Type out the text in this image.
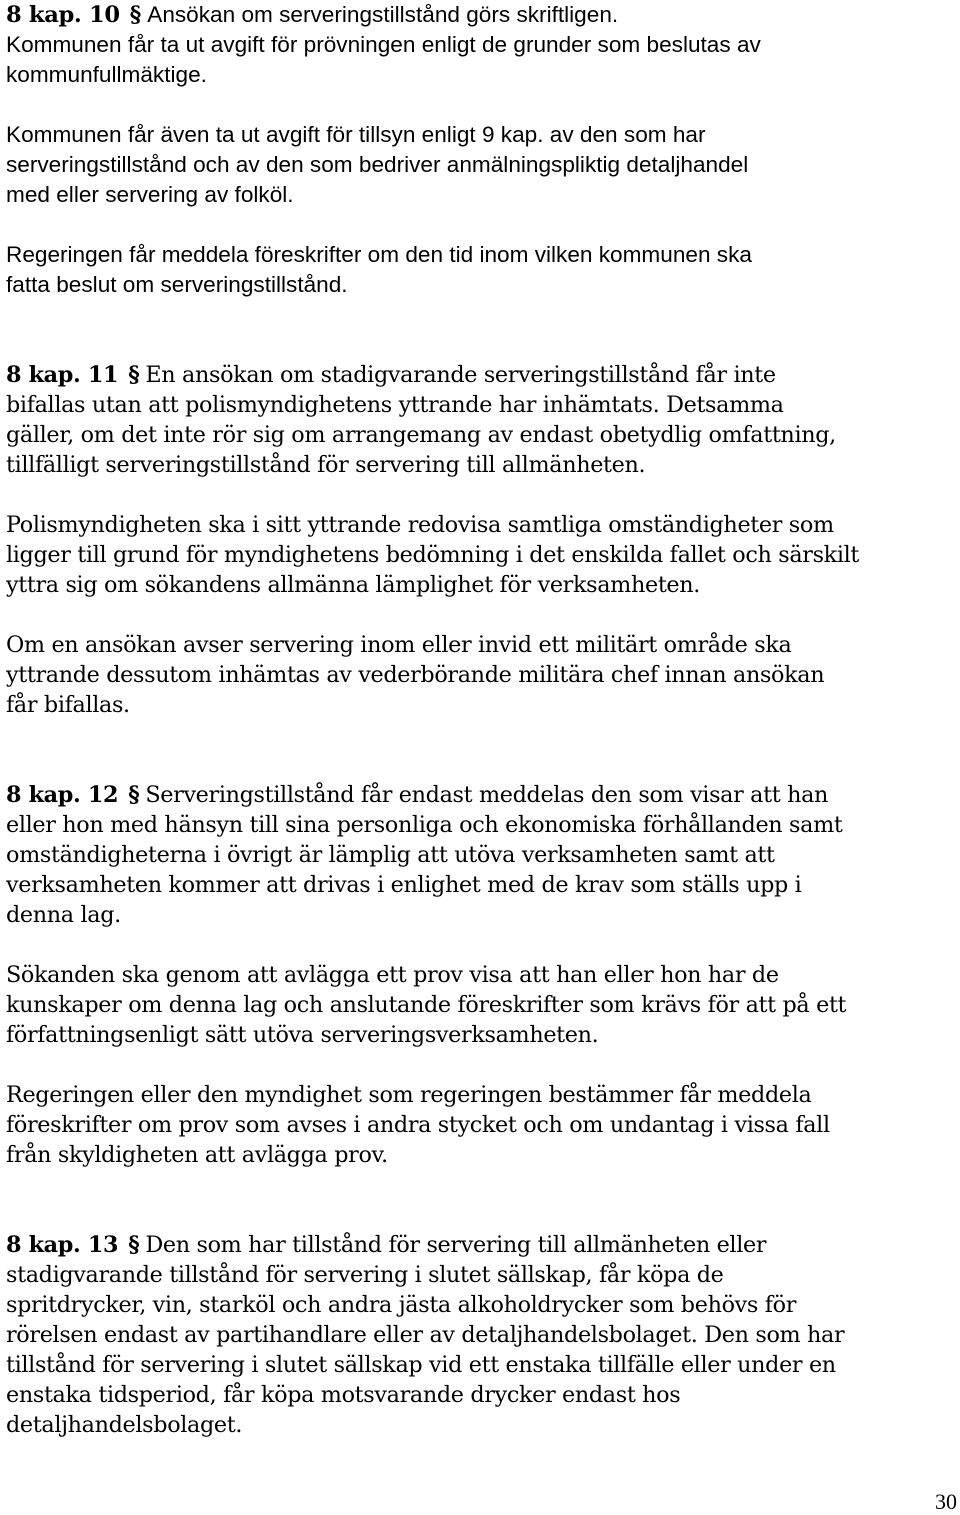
8 kap. 10 § Ansökan om serveringstillstånd görs skriftligen.
Kommunen får ta ut avgift för prövningen enligt de grunder som beslutas av
kommunfullmäktige.

Kommunen får även ta ut avgift för tillsyn enligt 9 kap. av den som har
serveringstillstånd och av den som bedriver anmälningspliktig detaljhandel
med eller servering av folköl.

Regeringen får meddela föreskrifter om den tid inom vilken kommunen ska
fatta beslut om serveringstillstånd.

8 kap. 11 § En ansökan om stadigvarande serveringstillstånd får inte
bifallas utan att polismyndighetens yttrande har inhämtats. Detsamma
gäller, om det inte rör sig om arrangemang av endast obetydlig omfattning,
tillfälligt serveringstillstånd för servering till allmänheten.

Polismyndigheten ska i sitt yttrande redovisa samtliga omständigheter som
ligger till grund för myndighetens bedömning i det enskilda fallet och särskilt
yttra sig om sökandens allmänna lämplighet för verksamheten.

Om en ansökan avser servering inom eller invid ett militärt område ska
yttrande dessutom inhämtas av vederbörande militära chef innan ansökan
får bifallas.

8 kap. 12 § Serveringstillstånd får endast meddelas den som visar att han
eller hon med hänsyn till sina personliga och ekonomiska förhållanden samt
omständigheterna i övrigt är lämplig att utöva verksamheten samt att
verksamheten kommer att drivas i enlighet med de krav som ställs upp i
denna lag.

Sökanden ska genom att avlägga ett prov visa att han eller hon har de
kunskaper om denna lag och anslutande föreskrifter som krävs för att på ett
författningsenligt sätt utöva serveringsverksamheten.

Regeringen eller den myndighet som regeringen bestämmer får meddela
föreskrifter om prov som avses i andra stycket och om undantag i vissa fall
från skyldigheten att avlägga prov.

8 kap. 13 § Den som har tillstånd för servering till allmänheten eller
stadigvarande tillstånd för servering i slutet sällskap, får köpa de
spritdrycker, vin, starköl och andra jästa alkoholdrycker som behövs för
rörelsen endast av partihandlare eller av detaljhandelsbolaget. Den som har
tillstånd för servering i slutet sällskap vid ett enstaka tillfälle eller under en
enstaka tidsperiod, får köpa motsvarande drycker endast hos
detaljhandelsbolaget.

30
